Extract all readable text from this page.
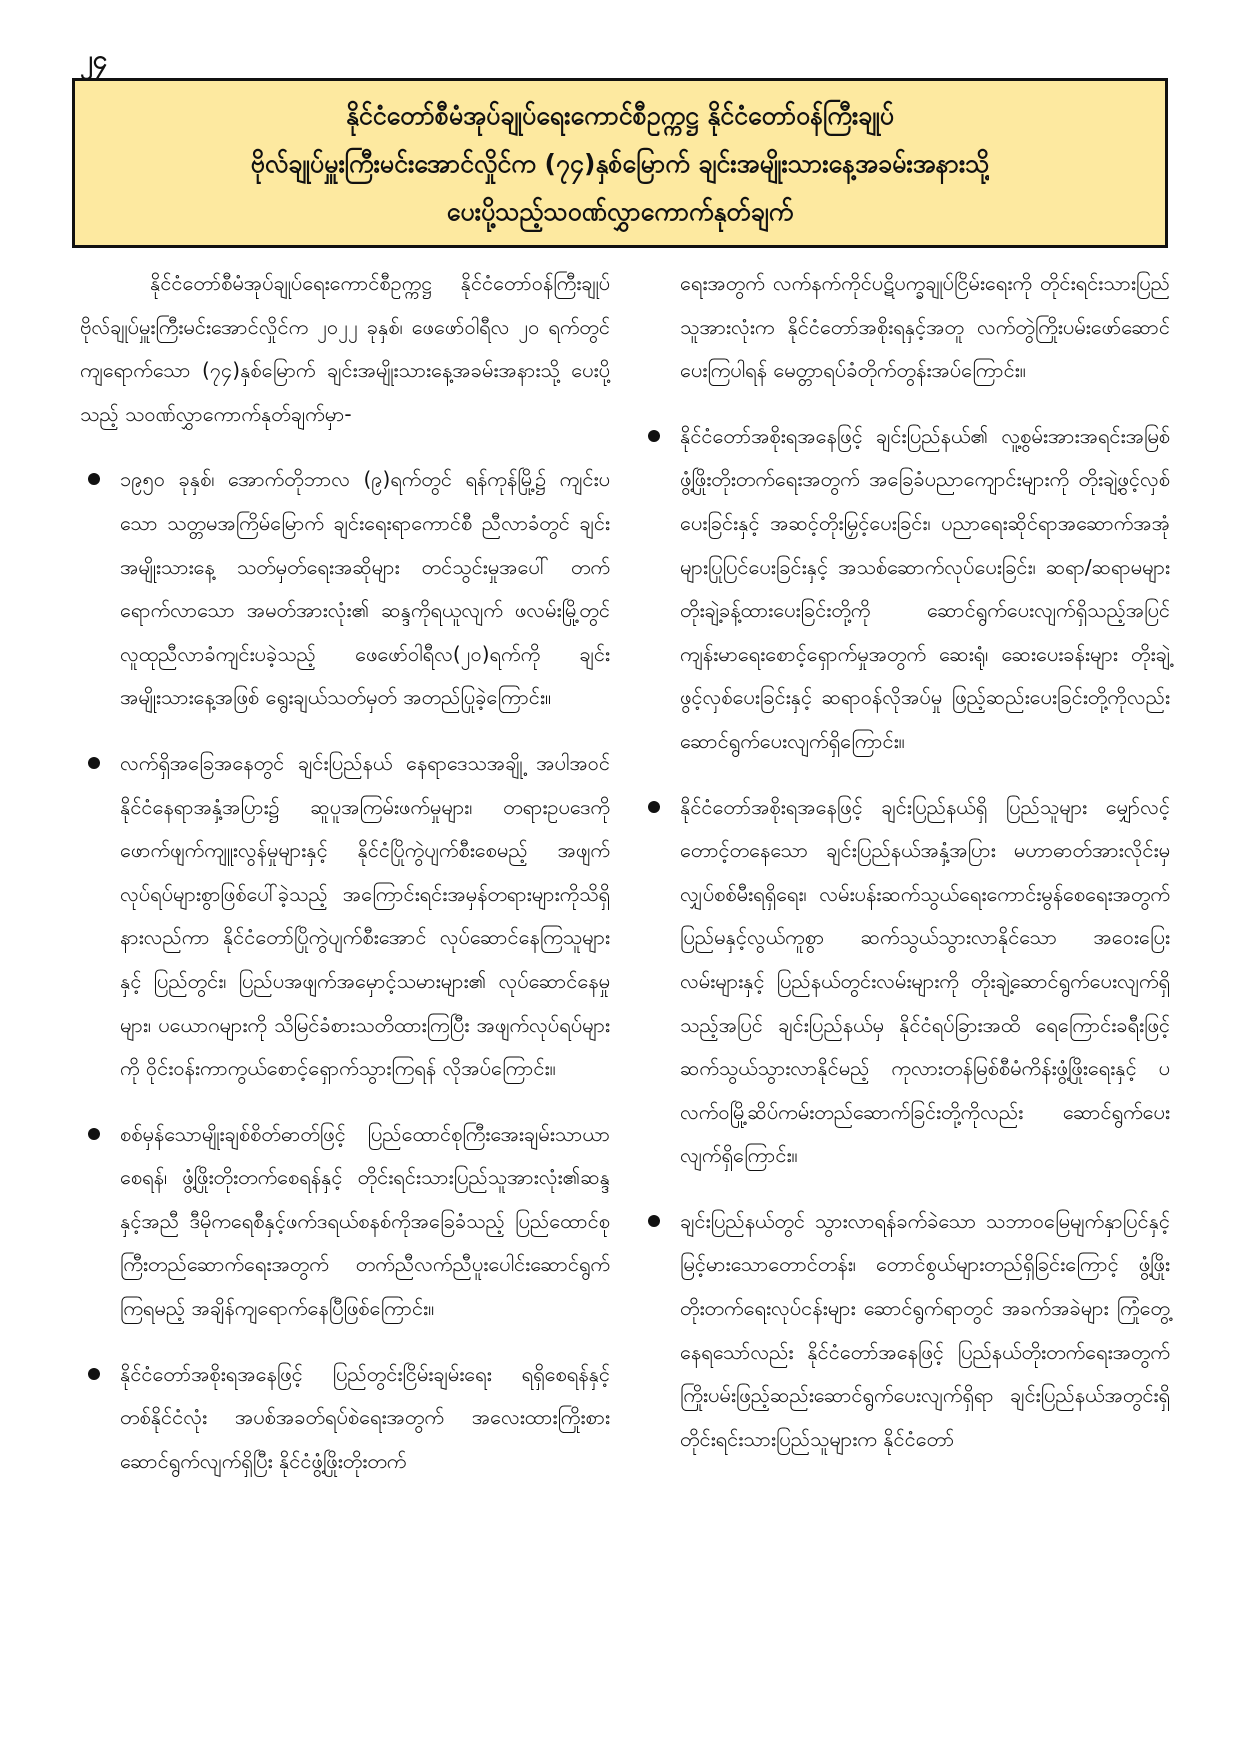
၂၄
နိုင်ငံတော်စီမံအုပ်ချုပ်ရေးကောင်စီဥက္ကဋ္ဌ နိုင်ငံတော်ဝန်ကြီးချုပ်
ဗိုလ်ချုပ်မှူးကြီးမင်းအောင်လှိုင်က (၇၄)နှစ်မြောက် ချင်းအမျိုးသားနေ့အခမ်းအနားသို့
ပေးပို့သည့်သဝဏ်လွှာကောက်နုတ်ချက်

နိုင်ငံတော်စီမံအုပ်ချုပ်ရေးကောင်စီဥက္ကဋ္ဌ နိုင်ငံတော်ဝန်ကြီးချုပ် ဗိုလ်ချုပ်မှူးကြီးမင်းအောင်လှိုင်က ၂၀၂၂ ခုနှစ်၊ ဖေဖော်ဝါရီလ ၂၀ ရက်တွင်ကျရောက်သော (၇၄)နှစ်မြောက် ချင်းအမျိုးသားနေ့အခမ်းအနားသို့ ပေးပို့သည့် သဝဏ်လွှာကောက်နုတ်ချက်မှာ-

၁၉၅၀ ခုနှစ်၊ အောက်တိုဘာလ (၉)ရက်တွင် ရန်ကုန်မြို့၌ ကျင်းပသော သတ္တမအကြိမ်မြောက် ချင်းရေးရာကောင်စီ ညီလာခံတွင် ချင်းအမျိုးသားနေ့ သတ်မှတ်ရေးအဆိုများ တင်သွင်းမှုအပေါ် တက်ရောက်လာသော အမတ်အားလုံး၏ ဆန္ဒကိုရယူလျက် ဖလမ်းမြို့တွင် လူထုညီလာခံကျင်းပခဲ့သည့် ဖေဖော်ဝါရီလ(၂၀)ရက်ကို ချင်းအမျိုးသားနေ့အဖြစ် ရွေးချယ်သတ်မှတ် အတည်ပြုခဲ့ကြောင်း။

လက်ရှိအခြေအနေတွင် ချင်းပြည်နယ် နေရာဒေသအချို့ အပါအဝင် နိုင်ငံနေရာအနှံ့အပြား၌ ဆူပူအကြမ်းဖက်မှုများ၊ တရားဥပဒေကို ဖောက်ဖျက်ကျူးလွန်မှုများနှင့် နိုင်ငံပြိုကွဲပျက်စီးစေမည့် အဖျက်လုပ်ရပ်များစွာဖြစ်ပေါ်ခဲ့သည့် အကြောင်းရင်းအမှန်တရားများကိုသိရှိနားလည်ကာ နိုင်ငံတော်ပြိုကွဲပျက်စီးအောင် လုပ်ဆောင်နေကြသူများနှင့် ပြည်တွင်း၊ ပြည်ပအဖျက်အမှောင့်သမားများ၏ လုပ်ဆောင်နေမှုများ၊ ပယောဂများကို သိမြင်ခံစားသတိထားကြပြီး အဖျက်လုပ်ရပ်များကို ဝိုင်းဝန်းကာကွယ်စောင့်ရှောက်သွားကြရန် လိုအပ်ကြောင်း။

စစ်မှန်သောမျိုးချစ်စိတ်ဓာတ်ဖြင့် ပြည်ထောင်စုကြီးအေးချမ်းသာယာစေရန်၊ ဖွံ့ဖြိုးတိုးတက်စေရန်နှင့် တိုင်းရင်းသားပြည်သူအားလုံး၏ဆန္ဒနှင့်အညီ ဒီမိုကရေစီနှင့်ဖက်ဒရယ်စနစ်ကိုအခြေခံသည့် ပြည်ထောင်စုကြီးတည်ဆောက်ရေးအတွက် တက်ညီလက်ညီပူးပေါင်းဆောင်ရွက်ကြရမည့် အချိန်ကျရောက်နေပြီဖြစ်ကြောင်း။

နိုင်ငံတော်အစိုးရအနေဖြင့် ပြည်တွင်းငြိမ်းချမ်းရေး ရရှိစေရန်နှင့် တစ်နိုင်ငံလုံး အပစ်အခတ်ရပ်စဲရေးအတွက် အလေးထားကြိုးစားဆောင်ရွက်လျက်ရှိပြီး နိုင်ငံဖွံ့ဖြိုးတိုးတက်

ရေးအတွက် လက်နက်ကိုင်ပဋိပက္ခချုပ်ငြိမ်းရေးကို တိုင်းရင်းသားပြည်သူအားလုံးက နိုင်ငံတော်အစိုးရနှင့်အတူ လက်တွဲကြိုးပမ်းဖော်ဆောင်ပေးကြပါရန် မေတ္တာရပ်ခံတိုက်တွန်းအပ်ကြောင်း။

နိုင်ငံတော်အစိုးရအနေဖြင့် ချင်းပြည်နယ်၏ လူ့စွမ်းအားအရင်းအမြစ်ဖွံ့ဖြိုးတိုးတက်ရေးအတွက် အခြေခံပညာကျောင်းများကို တိုးချဲ့ဖွင့်လှစ်ပေးခြင်းနှင့် အဆင့်တိုးမြှင့်ပေးခြင်း၊ ပညာရေးဆိုင်ရာအဆောက်အအုံများပြုပြင်ပေးခြင်းနှင့် အသစ်ဆောက်လုပ်ပေးခြင်း၊ ဆရာ/ဆရာမများ တိုးချဲ့ခန့်ထားပေးခြင်းတို့ကို ဆောင်ရွက်ပေးလျက်ရှိသည့်အပြင် ကျန်းမာရေးစောင့်ရှောက်မှုအတွက် ဆေးရုံ၊ ဆေးပေးခန်းများ တိုးချဲ့ဖွင့်လှစ်ပေးခြင်းနှင့် ဆရာဝန်လိုအပ်မှု ဖြည့်ဆည်းပေးခြင်းတို့ကိုလည်း ဆောင်ရွက်ပေးလျက်ရှိကြောင်း။

နိုင်ငံတော်အစိုးရအနေဖြင့် ချင်းပြည်နယ်ရှိ ပြည်သူများ မျှော်လင့်တောင့်တနေသော ချင်းပြည်နယ်အနှံ့အပြား မဟာဓာတ်အားလိုင်းမှ လျှပ်စစ်မီးရရှိရေး၊ လမ်းပန်းဆက်သွယ်ရေးကောင်းမွန်စေရေးအတွက် ပြည်မနှင့်လွယ်ကူစွာ ဆက်သွယ်သွားလာနိုင်သော အဝေးပြေးလမ်းများနှင့် ပြည်နယ်တွင်းလမ်းများကို တိုးချဲ့ဆောင်ရွက်ပေးလျက်ရှိသည့်အပြင် ချင်းပြည်နယ်မှ နိုင်ငံရပ်ခြားအထိ ရေကြောင်းခရီးဖြင့် ဆက်သွယ်သွားလာနိုင်မည့် ကုလားတန်မြစ်စီမံကိန်းဖွံ့ဖြိုးရေးနှင့် ပလက်ဝမြို့ဆိပ်ကမ်းတည်ဆောက်ခြင်းတို့ကိုလည်း ဆောင်ရွက်ပေးလျက်ရှိကြောင်း။

ချင်းပြည်နယ်တွင် သွားလာရန်ခက်ခဲသော သဘာဝမြေမျက်နှာပြင်နှင့် မြင့်မားသောတောင်တန်း၊ တောင်စွယ်များတည်ရှိခြင်းကြောင့် ဖွံ့ဖြိုးတိုးတက်ရေးလုပ်ငန်းများ ဆောင်ရွက်ရာတွင် အခက်အခဲများ ကြုံတွေ့နေရသော်လည်း နိုင်ငံတော်အနေဖြင့် ပြည်နယ်တိုးတက်ရေးအတွက် ကြိုးပမ်းဖြည့်ဆည်းဆောင်ရွက်ပေးလျက်ရှိရာ ချင်းပြည်နယ်အတွင်းရှိ တိုင်းရင်းသားပြည်သူများက နိုင်ငံတော်
